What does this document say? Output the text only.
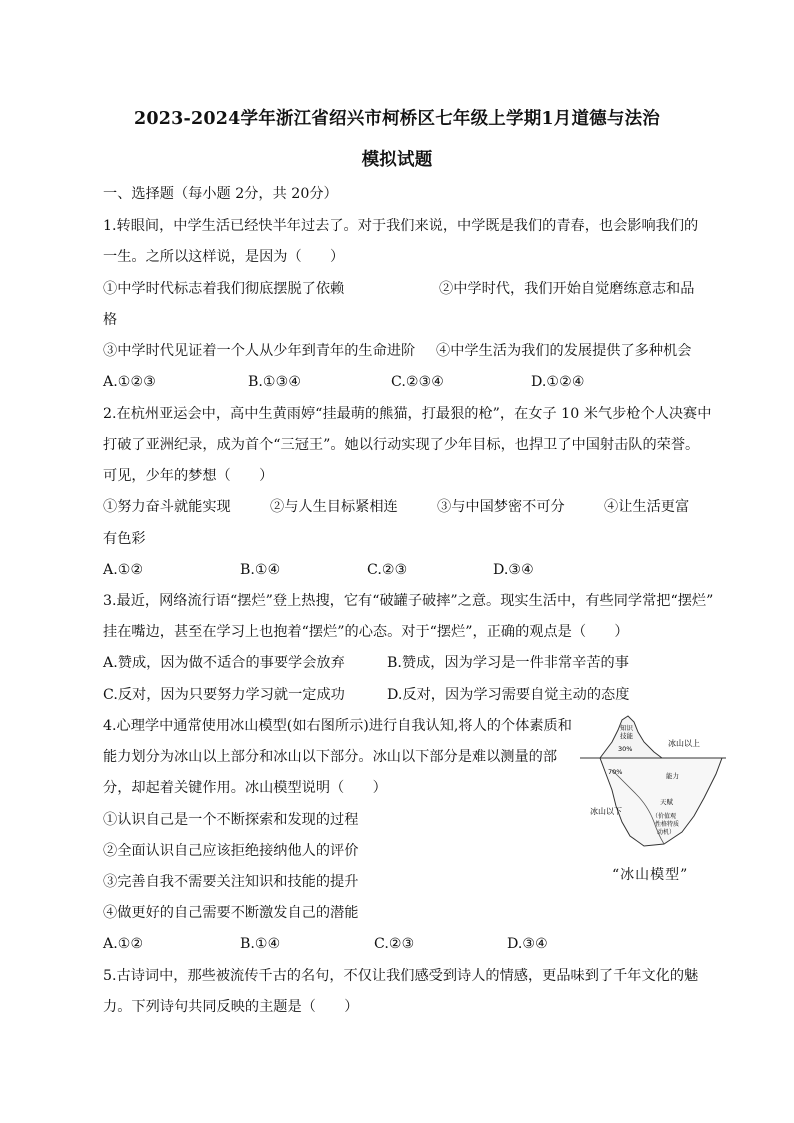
2023-2024学年浙江省绍兴市柯桥区七年级上学期1月道德与法治
模拟试题
一、选择题（每小题 2分，共 20分）
1.转眼间，中学生活已经快半年过去了。对于我们来说，中学既是我们的青春，也会影响我们的
一生。之所以这样说，是因为（　　）
①中学时代标志着我们彻底摆脱了依赖	②中学时代，我们开始自觉磨练意志和品
格
③中学时代见证着一个人从少年到青年的生命进阶 ④中学生活为我们的发展提供了多种机会
A.①②③	B.①③④	C.②③④	D.①②④
2.在杭州亚运会中，高中生黄雨婷“挂最萌的熊猫，打最狠的枪”，在女子 10 米气步枪个人决赛中
打破了亚洲纪录，成为首个“三冠王”。她以行动实现了少年目标，也捍卫了中国射击队的荣誉。
可见，少年的梦想（　　）
①努力奋斗就能实现	②与人生目标紧相连	③与中国梦密不可分	④让生活更富
有色彩
A.①②	B.①④	C.②③	D.③④
3.最近，网络流行语“摆烂”登上热搜，它有“破罐子破摔”之意。现实生活中，有些同学常把“摆烂”
挂在嘴边，甚至在学习上也抱着“摆烂”的心态。对于“摆烂”，正确的观点是（　　）
A.赞成，因为做不适合的事要学会放弃	B.赞成，因为学习是一件非常辛苦的事
C.反对，因为只要努力学习就一定成功	D.反对，因为学习需要自觉主动的态度
4.心理学中通常使用冰山模型(如右图所示)进行自我认知,将人的个体素质和
能力划分为冰山以上部分和冰山以下部分。冰山以下部分是难以测量的部
分，却起着关键作用。冰山模型说明（　　）
①认识自己是一个不断探索和发现的过程
②全面认识自己应该拒绝接纳他人的评价
③完善自我不需要关注知识和技能的提升
④做更好的自己需要不断激发自己的潜能
A.①②	B.①④	C.②③	D.③④
知识
技能
30%
冰山以上
70%	能力
冰山以下
天赋
（价值观
性格特质
动机）
“冰山模型”
5.古诗词中，那些被流传千古的名句，不仅让我们感受到诗人的情感，更品味到了千年文化的魅
力。下列诗句共同反映的主题是（　　）
